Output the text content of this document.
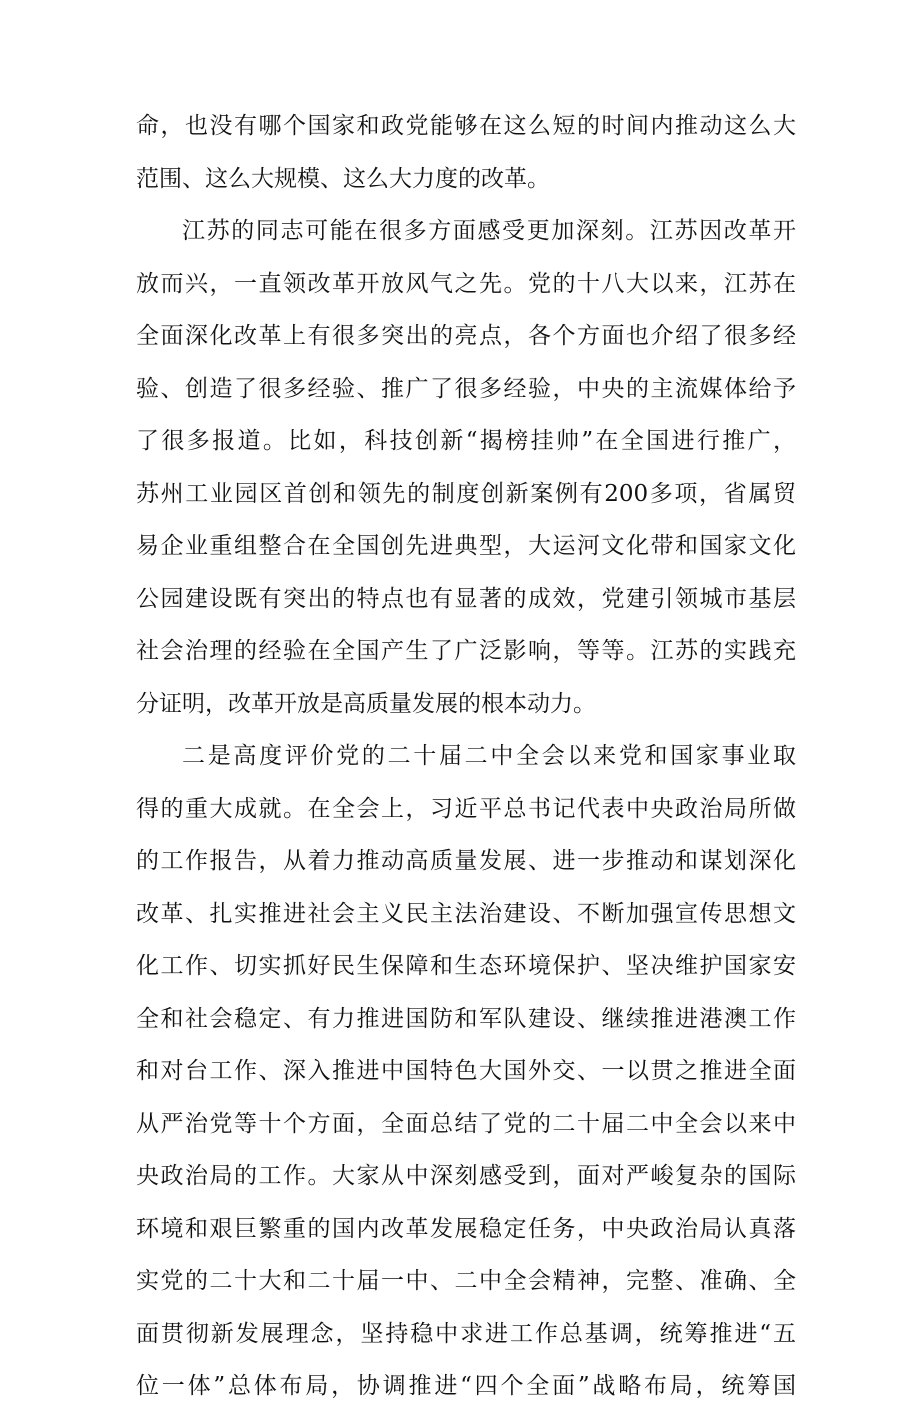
命，也没有哪个国家和政党能够在这么短的时间内推动这么大
范围、这么大规模、这么大力度的改革。
江苏的同志可能在很多方面感受更加深刻。江苏因改革开
放而兴，一直领改革开放风气之先。党的十八大以来，江苏在
全面深化改革上有很多突出的亮点，各个方面也介绍了很多经
验、创造了很多经验、推广了很多经验，中央的主流媒体给予
了很多报道。比如，科技创新“揭榜挂帅”在全国进行推广，
苏州工业园区首创和领先的制度创新案例有200多项，省属贸
易企业重组整合在全国创先进典型，大运河文化带和国家文化
公园建设既有突出的特点也有显著的成效，党建引领城市基层
社会治理的经验在全国产生了广泛影响，等等。江苏的实践充
分证明，改革开放是高质量发展的根本动力。
二是高度评价党的二十届二中全会以来党和国家事业取
得的重大成就。在全会上，习近平总书记代表中央政治局所做
的工作报告，从着力推动高质量发展、进一步推动和谋划深化
改革、扎实推进社会主义民主法治建设、不断加强宣传思想文
化工作、切实抓好民生保障和生态环境保护、坚决维护国家安
全和社会稳定、有力推进国防和军队建设、继续推进港澳工作
和对台工作、深入推进中国特色大国外交、一以贯之推进全面
从严治党等十个方面，全面总结了党的二十届二中全会以来中
央政治局的工作。大家从中深刻感受到，面对严峻复杂的国际
环境和艰巨繁重的国内改革发展稳定任务，中央政治局认真落
实党的二十大和二十届一中、二中全会精神，完整、准确、全
面贯彻新发展理念，坚持稳中求进工作总基调，统筹推进“五
位一体”总体布局，协调推进“四个全面”战略布局，统筹国
